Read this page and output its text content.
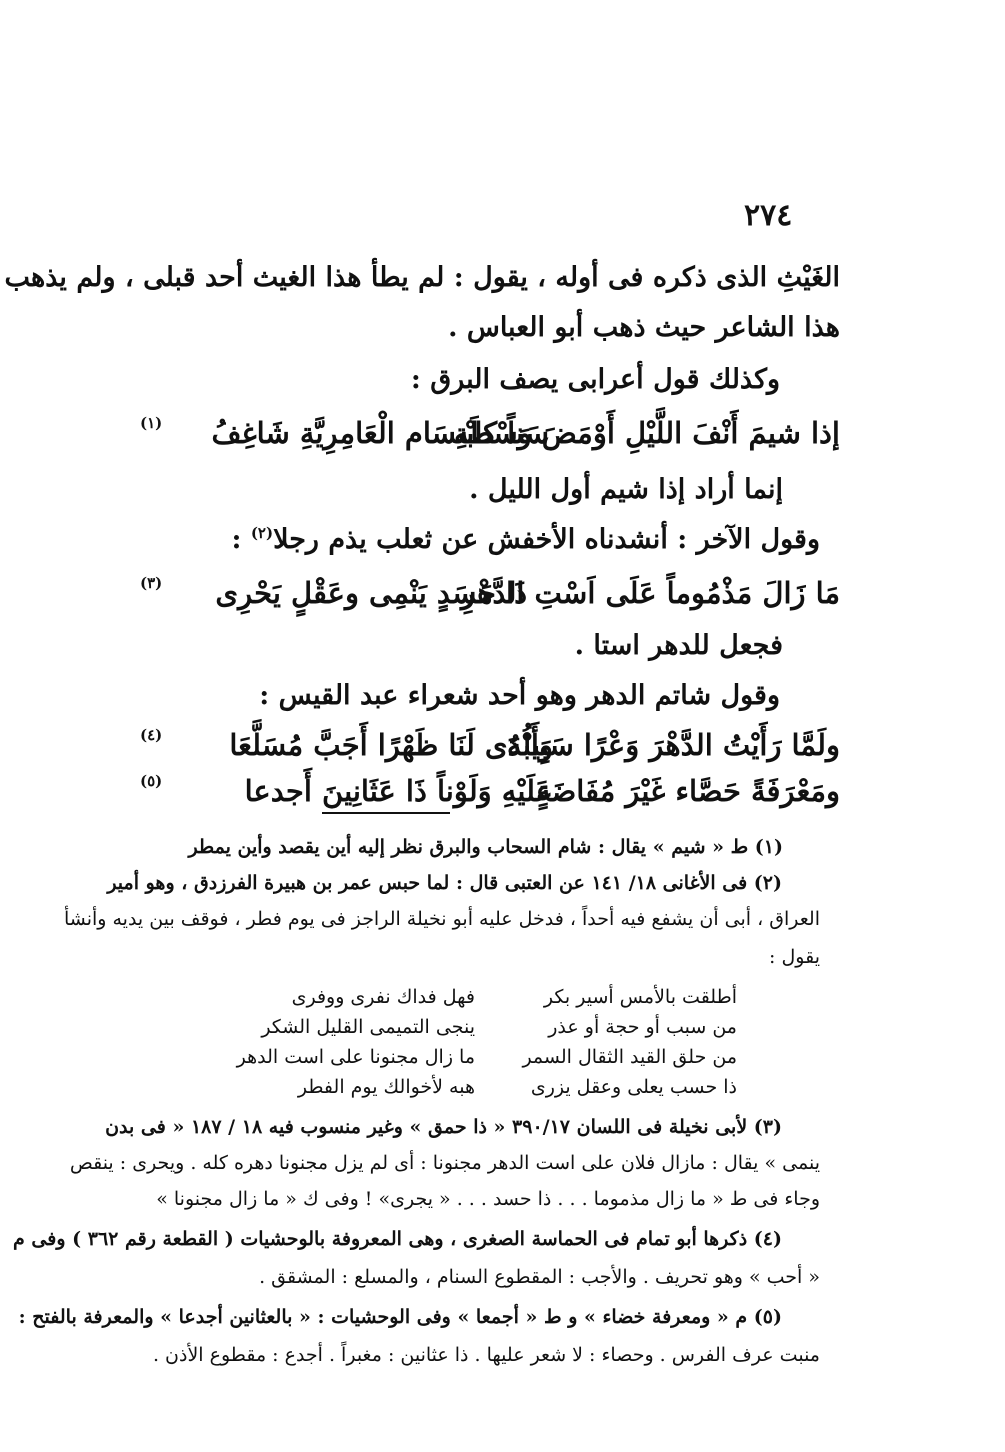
٢٧٤
الغَيْثِ الذى ذكره فى أوله ، يقول : لم يطأ هذا الغيث أحد قبلى ، ولم يذهب
هذا الشاعر حيث ذهب أبو العباس .
وكذلك قول أعرابى يصف البرق :
إذا شيمَ أَنْفَ اللَّيْلِ أَوْمَضَ وَسْطَه
سَناً كابْتِسَام الْعَامِرِيَّةِ شَاغِفُ
(١)
إنما أراد إذا شيم أول الليل .
وقول الآخر : أنشدناه الأخفش عن ثعلب يذم رجلا$^{(٢)}$ :
مَا زَالَ مَذْمُوماً عَلَى اَسْتِ الدَّهْرِ
ذَا حَسَدٍ يَنْمِى وعَقْلٍ يَحْرِى
(٣)
فجعل للدهر استا .
وقول شاتم الدهر وهو أحد شعراء عبد القيس :
ولَمَّا رَأَيْتُ الدَّهْرَ وَعْرًا سَبِيلُهُ
وَأَبْدَى لَنَا ظَهْرًا أَجَبَّ مُسَلَّعَا
(٤)
ومَعْرَفَةً حَصَّاء غَيْرَ مُفَاضَةٍ
عَلَيْهِ وَلَوْناً ذَا عَثَانِينَ أَجدعا
(٥)
(١) ط « شيم » يقال : شام السحاب والبرق نظر إليه أين يقصد وأين يمطر
(٢) فى الأغانى ١٨/ ١٤١ عن العتبى قال : لما حبس عمر بن هبيرة الفرزدق ، وهو أمير
العراق ، أبى أن يشفع فيه أحداً ، فدخل عليه أبو نخيلة الراجز فى يوم فطر ، فوقف بين يديه وأنشأ
يقول :
أطلقت بالأمس أسير بكر
فهل فداك نفرى ووفرى
من سبب أو حجة أو عذر
ينجى التميمى القليل الشكر
من حلق القيد الثقال السمر
ما زال مجنونا على است الدهر
ذا حسب يعلى وعقل يزرى
هبه لأخوالك يوم الفطر
(٣) لأبى نخيلة فى اللسان ٣٩٠/١٧ « ذا حمق » وغير منسوب فيه ١٨ / ١٨٧ « فى بدن
ينمى » يقال : مازال فلان على است الدهر مجنونا : أى لم يزل مجنونا دهره كله . ويحرى : ينقص
وجاء فى ط « ما زال مذموما . . . ذا حسد . . . « يجرى» ! وفى ك « ما زال مجنونا »
(٤) ذكرها أبو تمام فى الحماسة الصغرى ، وهى المعروفة بالوحشيات ( القطعة رقم ٣٦٢ ) وفى م
« أحب » وهو تحريف . والأجب : المقطوع السنام ، والمسلع : المشقق .
(٥) م « ومعرفة خضاء » و ط « أجمعا » وفى الوحشيات : « بالعثانين أجدعا » والمعرفة بالفتح :
منبت عرف الفرس . وحصاء : لا شعر عليها . ذا عثانين : مغبراً . أجدع : مقطوع الأذن .
